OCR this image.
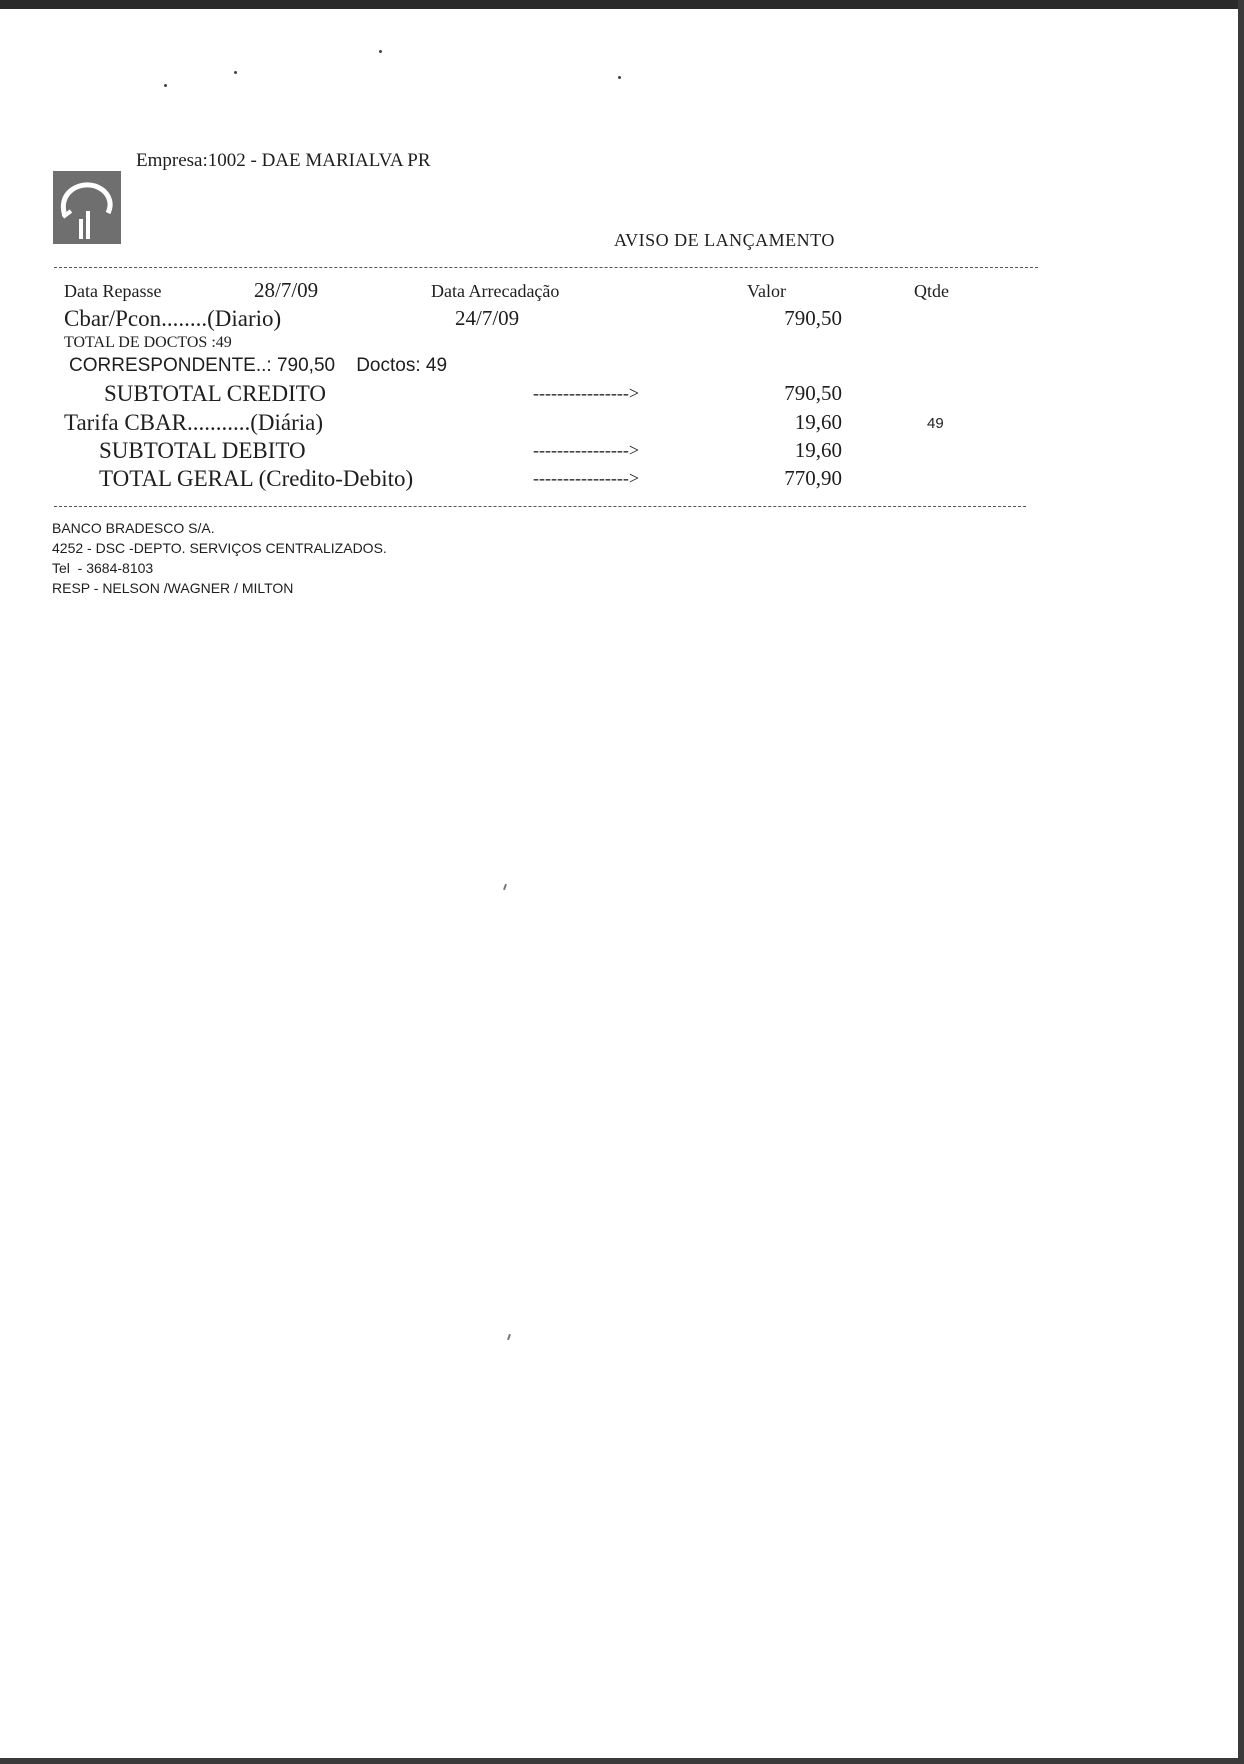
Empresa:1002 - DAE MARIALVA PR
AVISO DE LANÇAMENTO
Data Repasse	28/7/09	Data Arrecadação	Valor	Qtde
Cbar/Pcon........(Diario)	24/7/09	790,50
TOTAL DE DOCTOS :49
CORRESPONDENTE..: 790,50    Doctos: 49
SUBTOTAL CREDITO	---------------->	790,50
Tarifa CBAR...........(Diária)	19,60	49
SUBTOTAL DEBITO	---------------->	19,60
TOTAL GERAL (Credito-Debito)	---------------->	770,90
BANCO BRADESCO S/A.
4252 - DSC -DEPTO. SERVIÇOS CENTRALIZADOS.
Tel  - 3684-8103
RESP - NELSON /WAGNER / MILTON
